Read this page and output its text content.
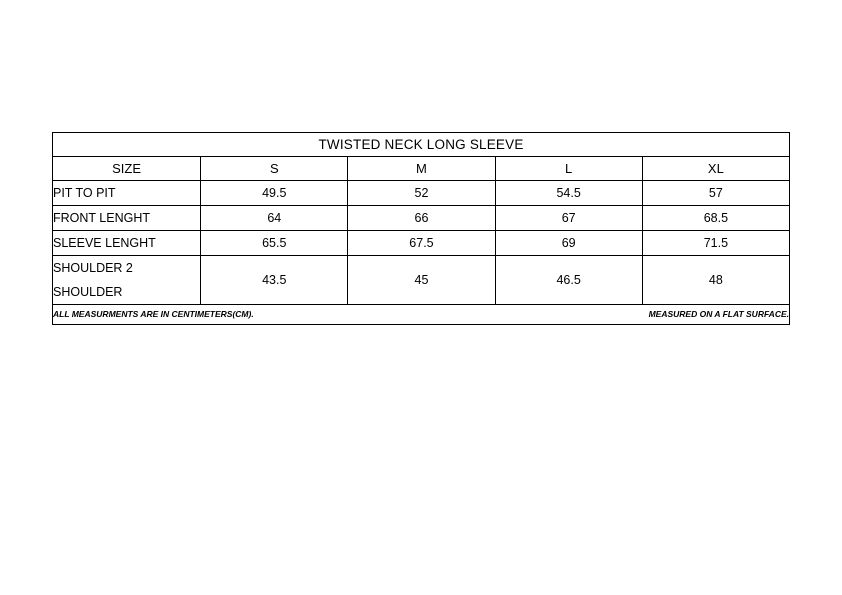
TWISTED NECK LONG SLEEVE				
SIZE	S	M	L	XL
PIT TO PIT	49.5	52	54.5	57
FRONT LENGHT	64	66	67	68.5
SLEEVE LENGHT	65.5	67.5	69	71.5
SHOULDER 2 SHOULDER	43.5	45	46.5	48

ALL MEASURMENTS ARE IN CENTIMETERS(CM). MEASURED ON A FLAT SURFACE.				
